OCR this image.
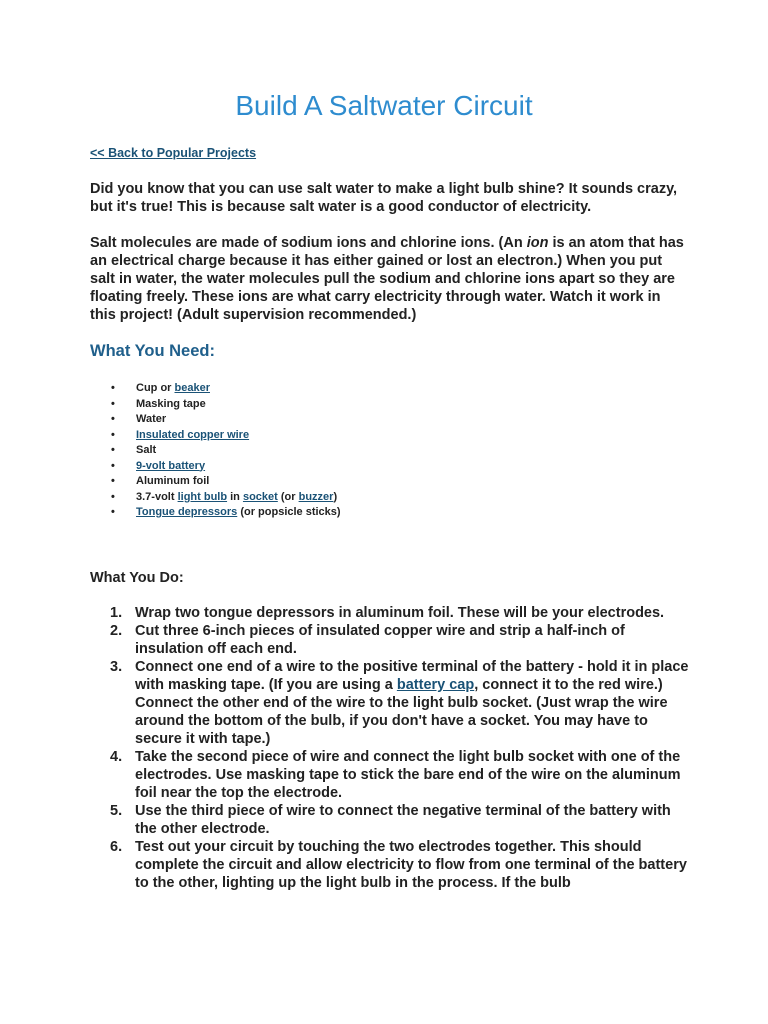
Build A Saltwater Circuit
<< Back to Popular Projects

Did you know that you can use salt water to make a light bulb shine? It sounds crazy, but it's true! This is because salt water is a good conductor of electricity.

Salt molecules are made of sodium ions and chlorine ions. (An ion is an atom that has an electrical charge because it has either gained or lost an electron.) When you put salt in water, the water molecules pull the sodium and chlorine ions apart so they are floating freely. These ions are what carry electricity through water. Watch it work in this project! (Adult supervision recommended.)

What You Need:
• Cup or beaker
• Masking tape
• Water
• Insulated copper wire
• Salt
• 9-volt battery
• Aluminum foil
• 3.7-volt light bulb in socket (or buzzer)
• Tongue depressors (or popsicle sticks)
What You Do:
1. Wrap two tongue depressors in aluminum foil. These will be your electrodes.
2. Cut three 6-inch pieces of insulated copper wire and strip a half-inch of insulation off each end.
3. Connect one end of a wire to the positive terminal of the battery - hold it in place with masking tape. (If you are using a battery cap, connect it to the red wire.) Connect the other end of the wire to the light bulb socket. (Just wrap the wire around the bottom of the bulb, if you don't have a socket. You may have to secure it with tape.)
4. Take the second piece of wire and connect the light bulb socket with one of the electrodes. Use masking tape to stick the bare end of the wire on the aluminum foil near the top the electrode.
5. Use the third piece of wire to connect the negative terminal of the battery with the other electrode.
6. Test out your circuit by touching the two electrodes together. This should complete the circuit and allow electricity to flow from one terminal of the battery to the other, lighting up the light bulb in the process. If the bulb
